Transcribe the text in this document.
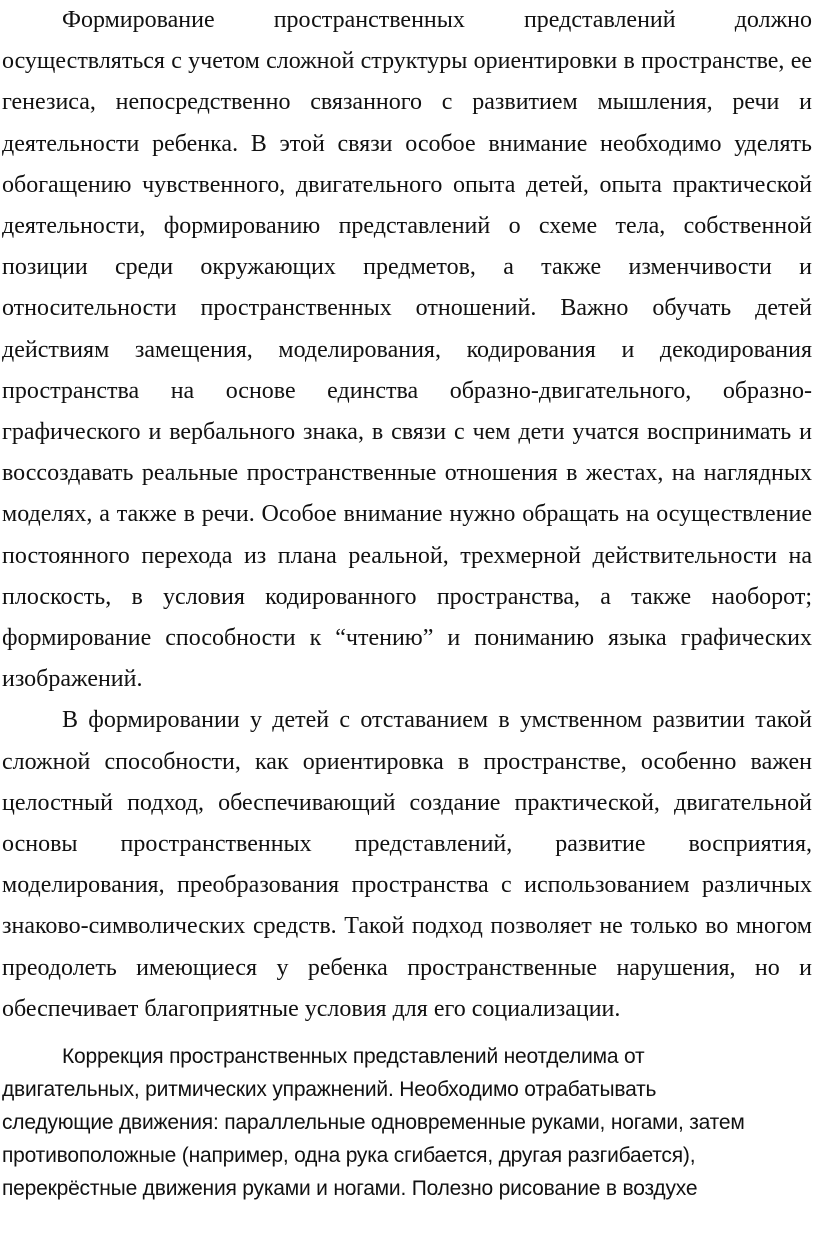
Формирование пространственных представлений должно осуществляться с учетом сложной структуры ориентировки в пространстве, ее генезиса, непосредственно связанного с развитием мышления, речи и деятельности ребенка. В этой связи особое внимание необходимо уделять обогащению чувственного, двигательного опыта детей, опыта практической деятельности, формированию представлений о схеме тела, собственной позиции среди окружающих предметов, а также изменчивости и относительности пространственных отношений. Важно обучать детей действиям замещения, моделирования, кодирования и декодирования пространства на основе единства образно-двигательного, образно-графического и вербального знака, в связи с чем дети учатся воспринимать и воссоздавать реальные пространственные отношения в жестах, на наглядных моделях, а также в речи. Особое внимание нужно обращать на осуществление постоянного перехода из плана реальной, трехмерной действительности на плоскость, в условия кодированного пространства, а также наоборот; формирование способности к “чтению” и пониманию языка графических изображений.

В формировании у детей с отставанием в умственном развитии такой сложной способности, как ориентировка в пространстве, особенно важен целостный подход, обеспечивающий создание практической, двигательной основы пространственных представлений, развитие восприятия, моделирования, преобразования пространства с использованием различных знаково-символических средств. Такой подход позволяет не только во многом преодолеть имеющиеся у ребенка пространственные нарушения, но и обеспечивает благоприятные условия для его социализации.

Коррекция пространственных представлений неотделима от
двигательных, ритмических упражнений. Необходимо отрабатывать
следующие движения: параллельные одновременные руками, ногами, затем
противоположные (например, одна рука сгибается, другая разгибается),
перекрёстные движения руками и ногами. Полезно рисование в воздухе
